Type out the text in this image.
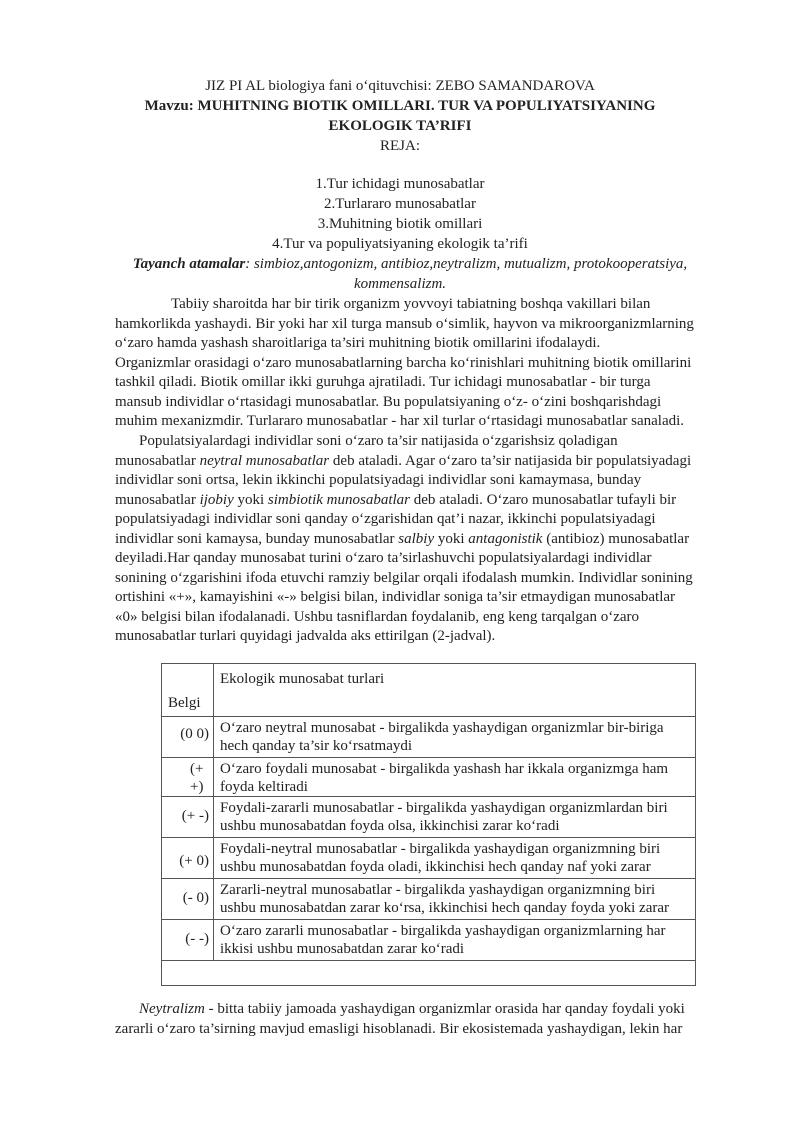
JIZ PI AL biologiya fani o‘qituvchisi: ZEBO SAMANDAROVA
Mavzu: MUHITNING BIOTIK OMILLARI. TUR VA POPULIYATSIYANING
EKOLOGIK TA’RIFI
REJA:
1.Tur ichidagi munosabatlar
2.Turlararo munosabatlar
3.Muhitning biotik omillari
4.Tur va populiyatsiyaning ekologik ta’rifi
Tayanch atamalar: simbioz,antogonizm, antibioz,neytralizm, mutualizm, protokooperatsiya,
kommensalizm.

Tabiiy sharoitda har bir tirik organizm yovvoyi tabiatning boshqa vakillari bilan

hamkorlikda yashaydi. Bir yoki har xil turga mansub o‘simlik, hayvon va mikroorganizmlarning

o‘zaro hamda yashash sharoitlariga ta’siri muhitning biotik omillarini ifodalaydi.

Organizmlar orasidagi o‘zaro munosabatlarning barcha ko‘rinishlari muhitning biotik omillarini

tashkil qiladi. Biotik omillar ikki guruhga ajratiladi. Tur ichidagi munosabatlar - bir turga

mansub individlar o‘rtasidagi munosabatlar. Bu populatsiyaning o‘z- o‘zini boshqarishdagi

muhim mexanizmdir. Turlararo munosabatlar - har xil turlar o‘rtasidagi munosabatlar sanaladi.

Populatsiyalardagi individlar soni o‘zaro ta’sir natijasida o‘zgarishsiz qoladigan

munosabatlar neytral munosabatlar deb ataladi. Agar o‘zaro ta’sir natijasida bir populatsiyadagi

individlar soni ortsa, lekin ikkinchi populatsiyadagi individlar soni kamaymasa, bunday

munosabatlar ijobiy yoki simbiotik munosabatlar deb ataladi. O‘zaro munosabatlar tufayli bir

populatsiyadagi individlar soni qanday o‘zgarishidan qat’i nazar, ikkinchi populatsiyadagi

individlar soni kamaysa, bunday munosabatlar salbiy yoki antagonistik (antibioz) munosabatlar

deyiladi.Har qanday munosabat turini o‘zaro ta’sirlashuvchi populatsiyalardagi individlar

sonining o‘zgarishini ifoda etuvchi ramziy belgilar orqali ifodalash mumkin. Individlar sonining

ortishini «+», kamayishini «-» belgisi bilan, individlar soniga ta’sir etmaydigan munosabatlar

«0» belgisi bilan ifodalanadi. Ushbu tasniflardan foydalanib, eng keng tarqalgan o‘zaro

munosabatlar turlari quyidagi jadvalda aks ettirilgan (2-jadval).

Belgi	Ekologik munosabat turlari

(0 0)	O‘zaro neytral munosabat - birgalikda yashaydigan organizmlar bir-biriga hech qanday ta’sir ko‘rsatmaydi

(+ +)	O‘zaro foydali munosabat - birgalikda yashash har ikkala organizmga ham foyda keltiradi

(+ -)	Foydali-zararli munosabatlar - birgalikda yashaydigan organizmlardan biri ushbu munosabatdan foyda olsa, ikkinchisi zarar ko‘radi

(+ 0)	Foydali-neytral munosabatlar - birgalikda yashaydigan organizmning biri ushbu munosabatdan foyda oladi, ikkinchisi hech qanday naf yoki zarar

(- 0)	Zararli-neytral munosabatlar - birgalikda yashaydigan organizmning biri ushbu munosabatdan zarar ko‘rsa, ikkinchisi hech qanday foyda yoki zarar

(- -)	O‘zaro zararli munosabatlar - birgalikda yashaydigan organizmlarning har ikkisi ushbu munosabatdan zarar ko‘radi

Neytralizm - bitta tabiiy jamoada yashaydigan organizmlar orasida har qanday foydali yoki

zararli o‘zaro ta’sirning mavjud emasligi hisoblanadi. Bir ekosistemada yashaydigan, lekin har
